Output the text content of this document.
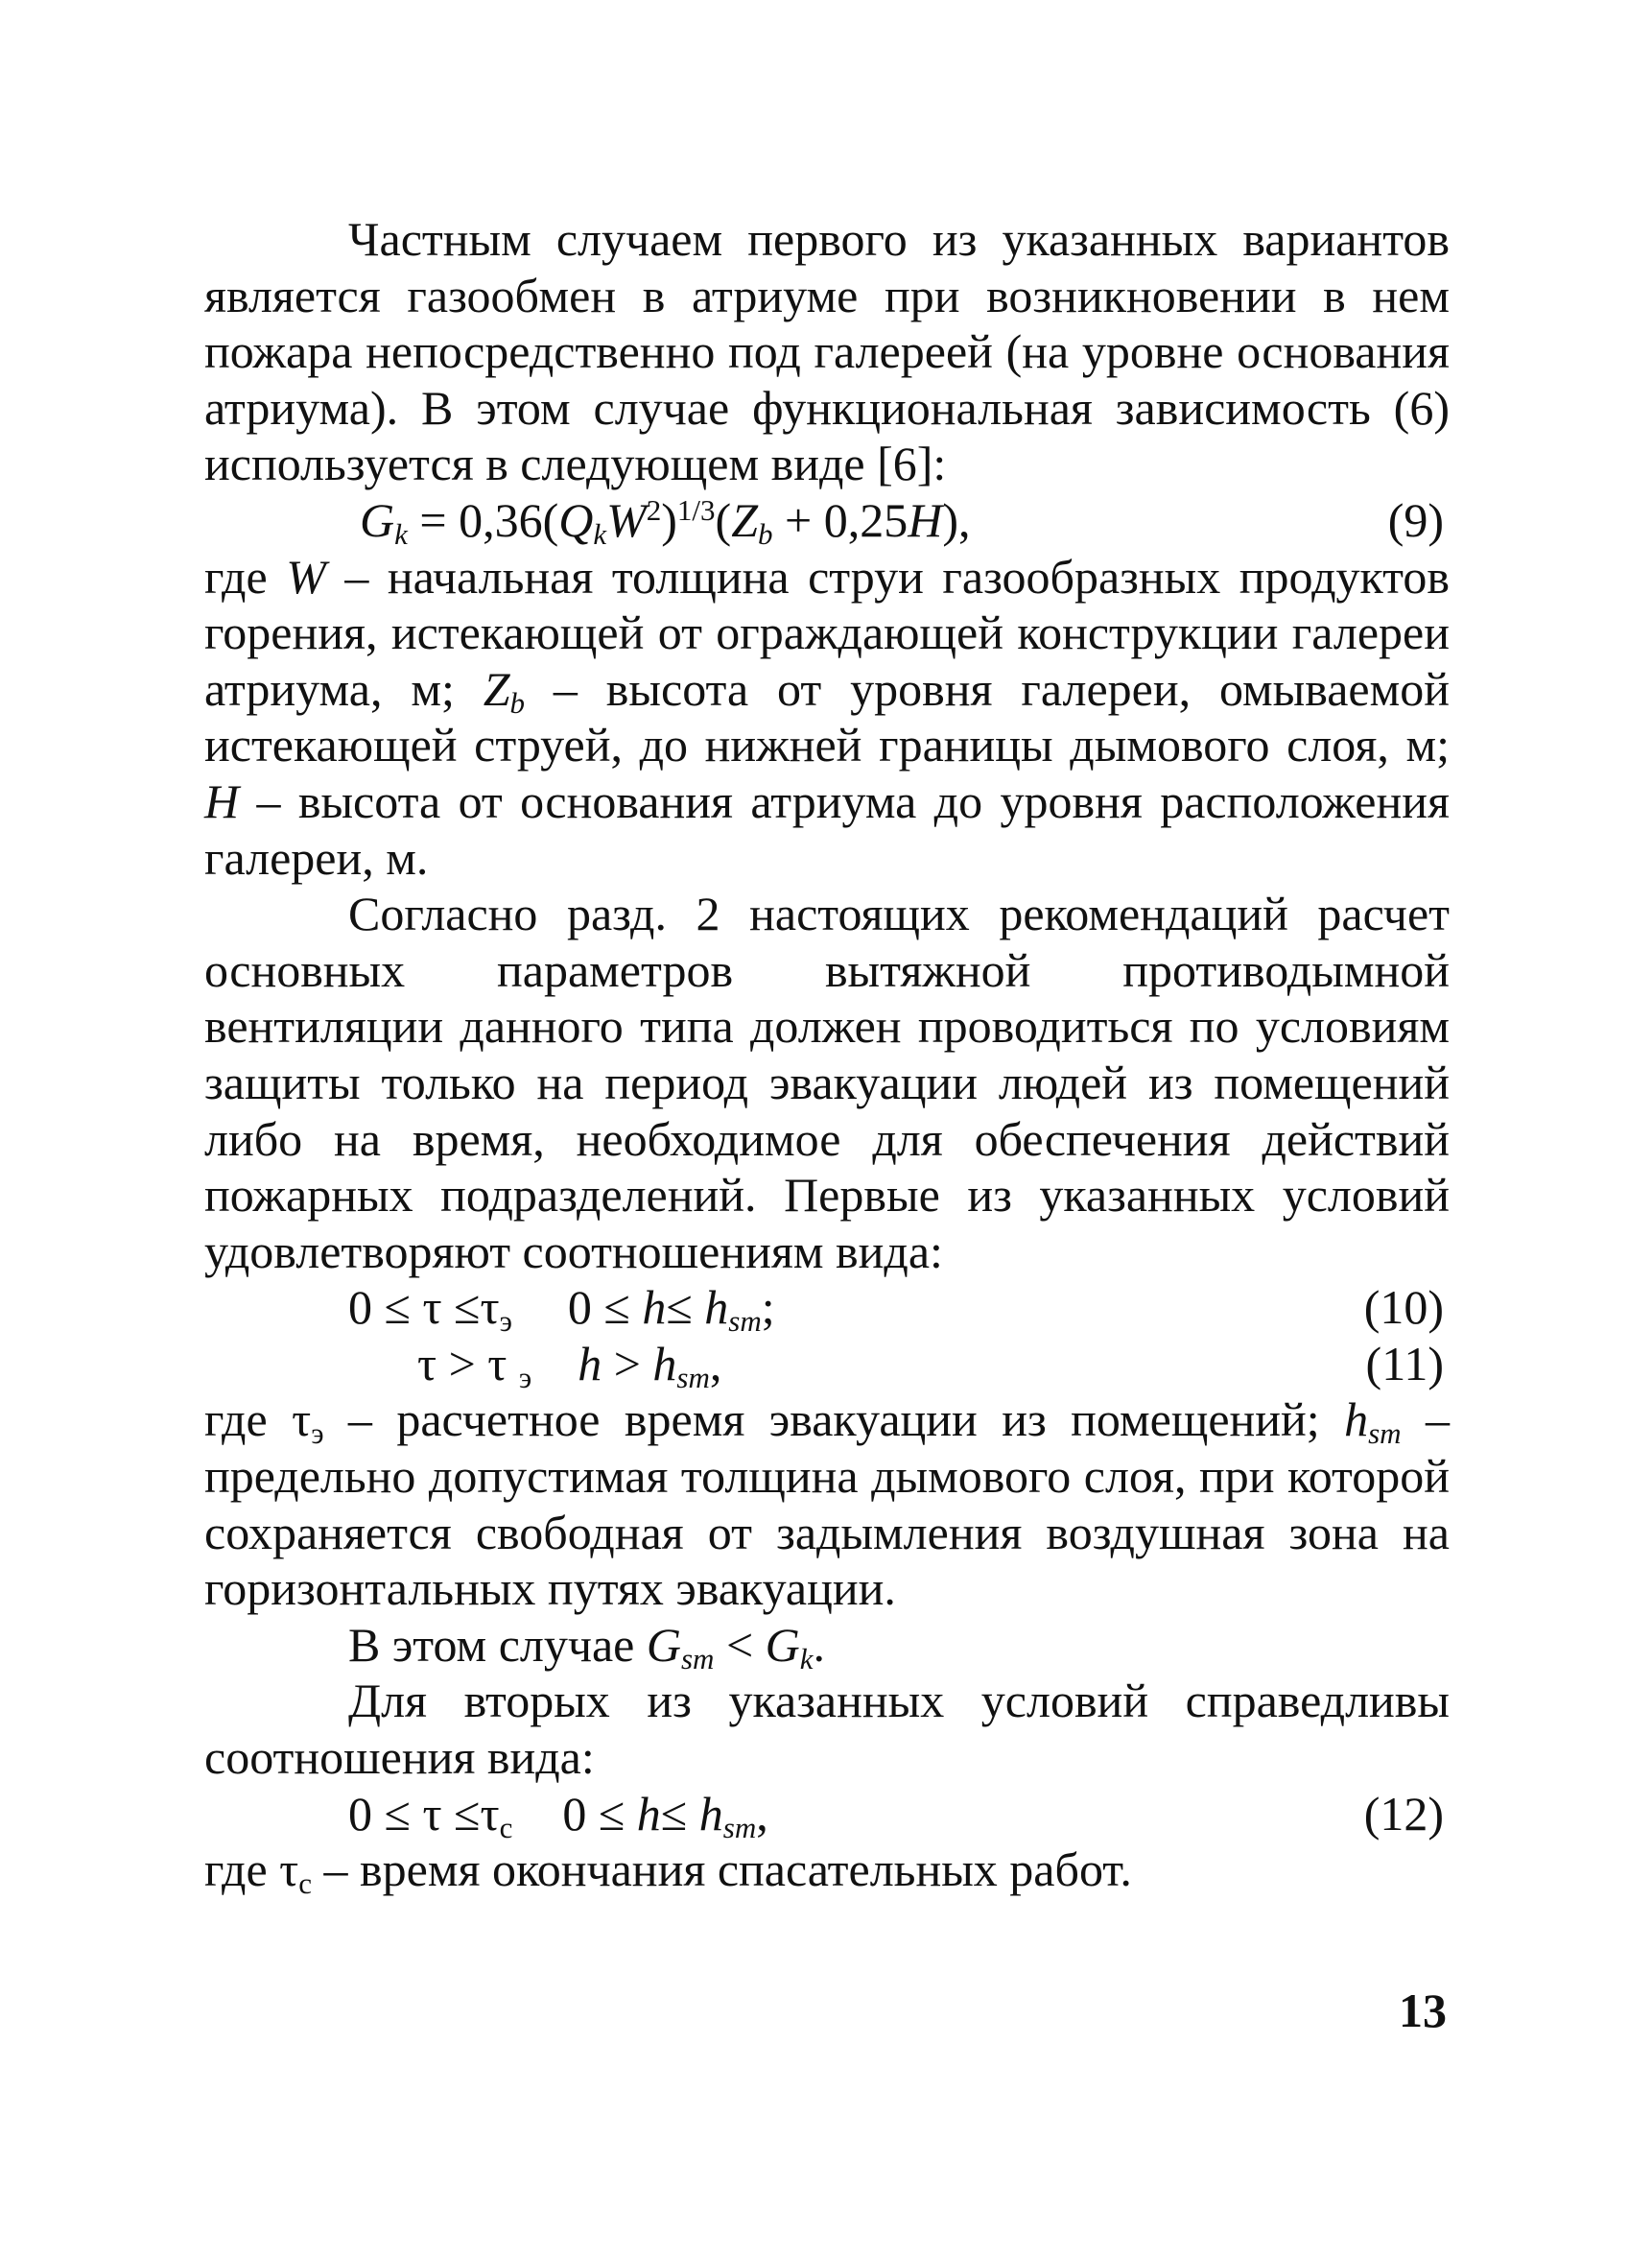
Частным случаем первого из указанных вариантов является газообмен в атриуме при возникновении в нем пожара непосредственно под галереей (на уровне основания атриума). В этом случае функциональная зависимость (6) используется в следующем виде [6]:

$G_k = 0,36(Q_kW^2)^{1/3}(Z_b + 0,25H)$,	(9)

где W – начальная толщина струи газообразных продуктов горения, истекающей от ограждающей конструкции галереи атриума, м; $Z_b$ – высота от уровня галереи, омываемой истекающей струей, до нижней границы дымового слоя, м; H – высота от основания атриума до уровня расположения галереи, м.

Согласно разд. 2 настоящих рекомендаций расчет основных параметров вытяжной противодымной вентиляции данного типа должен проводиться по условиям защиты только на период эвакуации людей из помещений либо на время, необходимое для обеспечения действий пожарных подразделений. Первые из указанных условий удовлетворяют соотношениям вида:

$0 \le \tau \le\tau_э$ $0 \le h\le h_{sm}$;	(10)
τ > τ $_э$ $h > h_{sm}$,	(11)

где $\tau_э$ – расчетное время эвакуации из помещений; $h_{sm}$ – предельно допустимая толщина дымового слоя, при которой сохраняется свободная от задымления воздушная зона на горизонтальных путях эвакуации.

В этом случае $G_{sm} < G_k$.

Для вторых из указанных условий справедливы соотношения вида:

$0 \le \tau \le\tau_с$ $0 \le h\le h_{sm}$,	(12)

где $\tau_с$ – время окончания спасательных работ.

13
